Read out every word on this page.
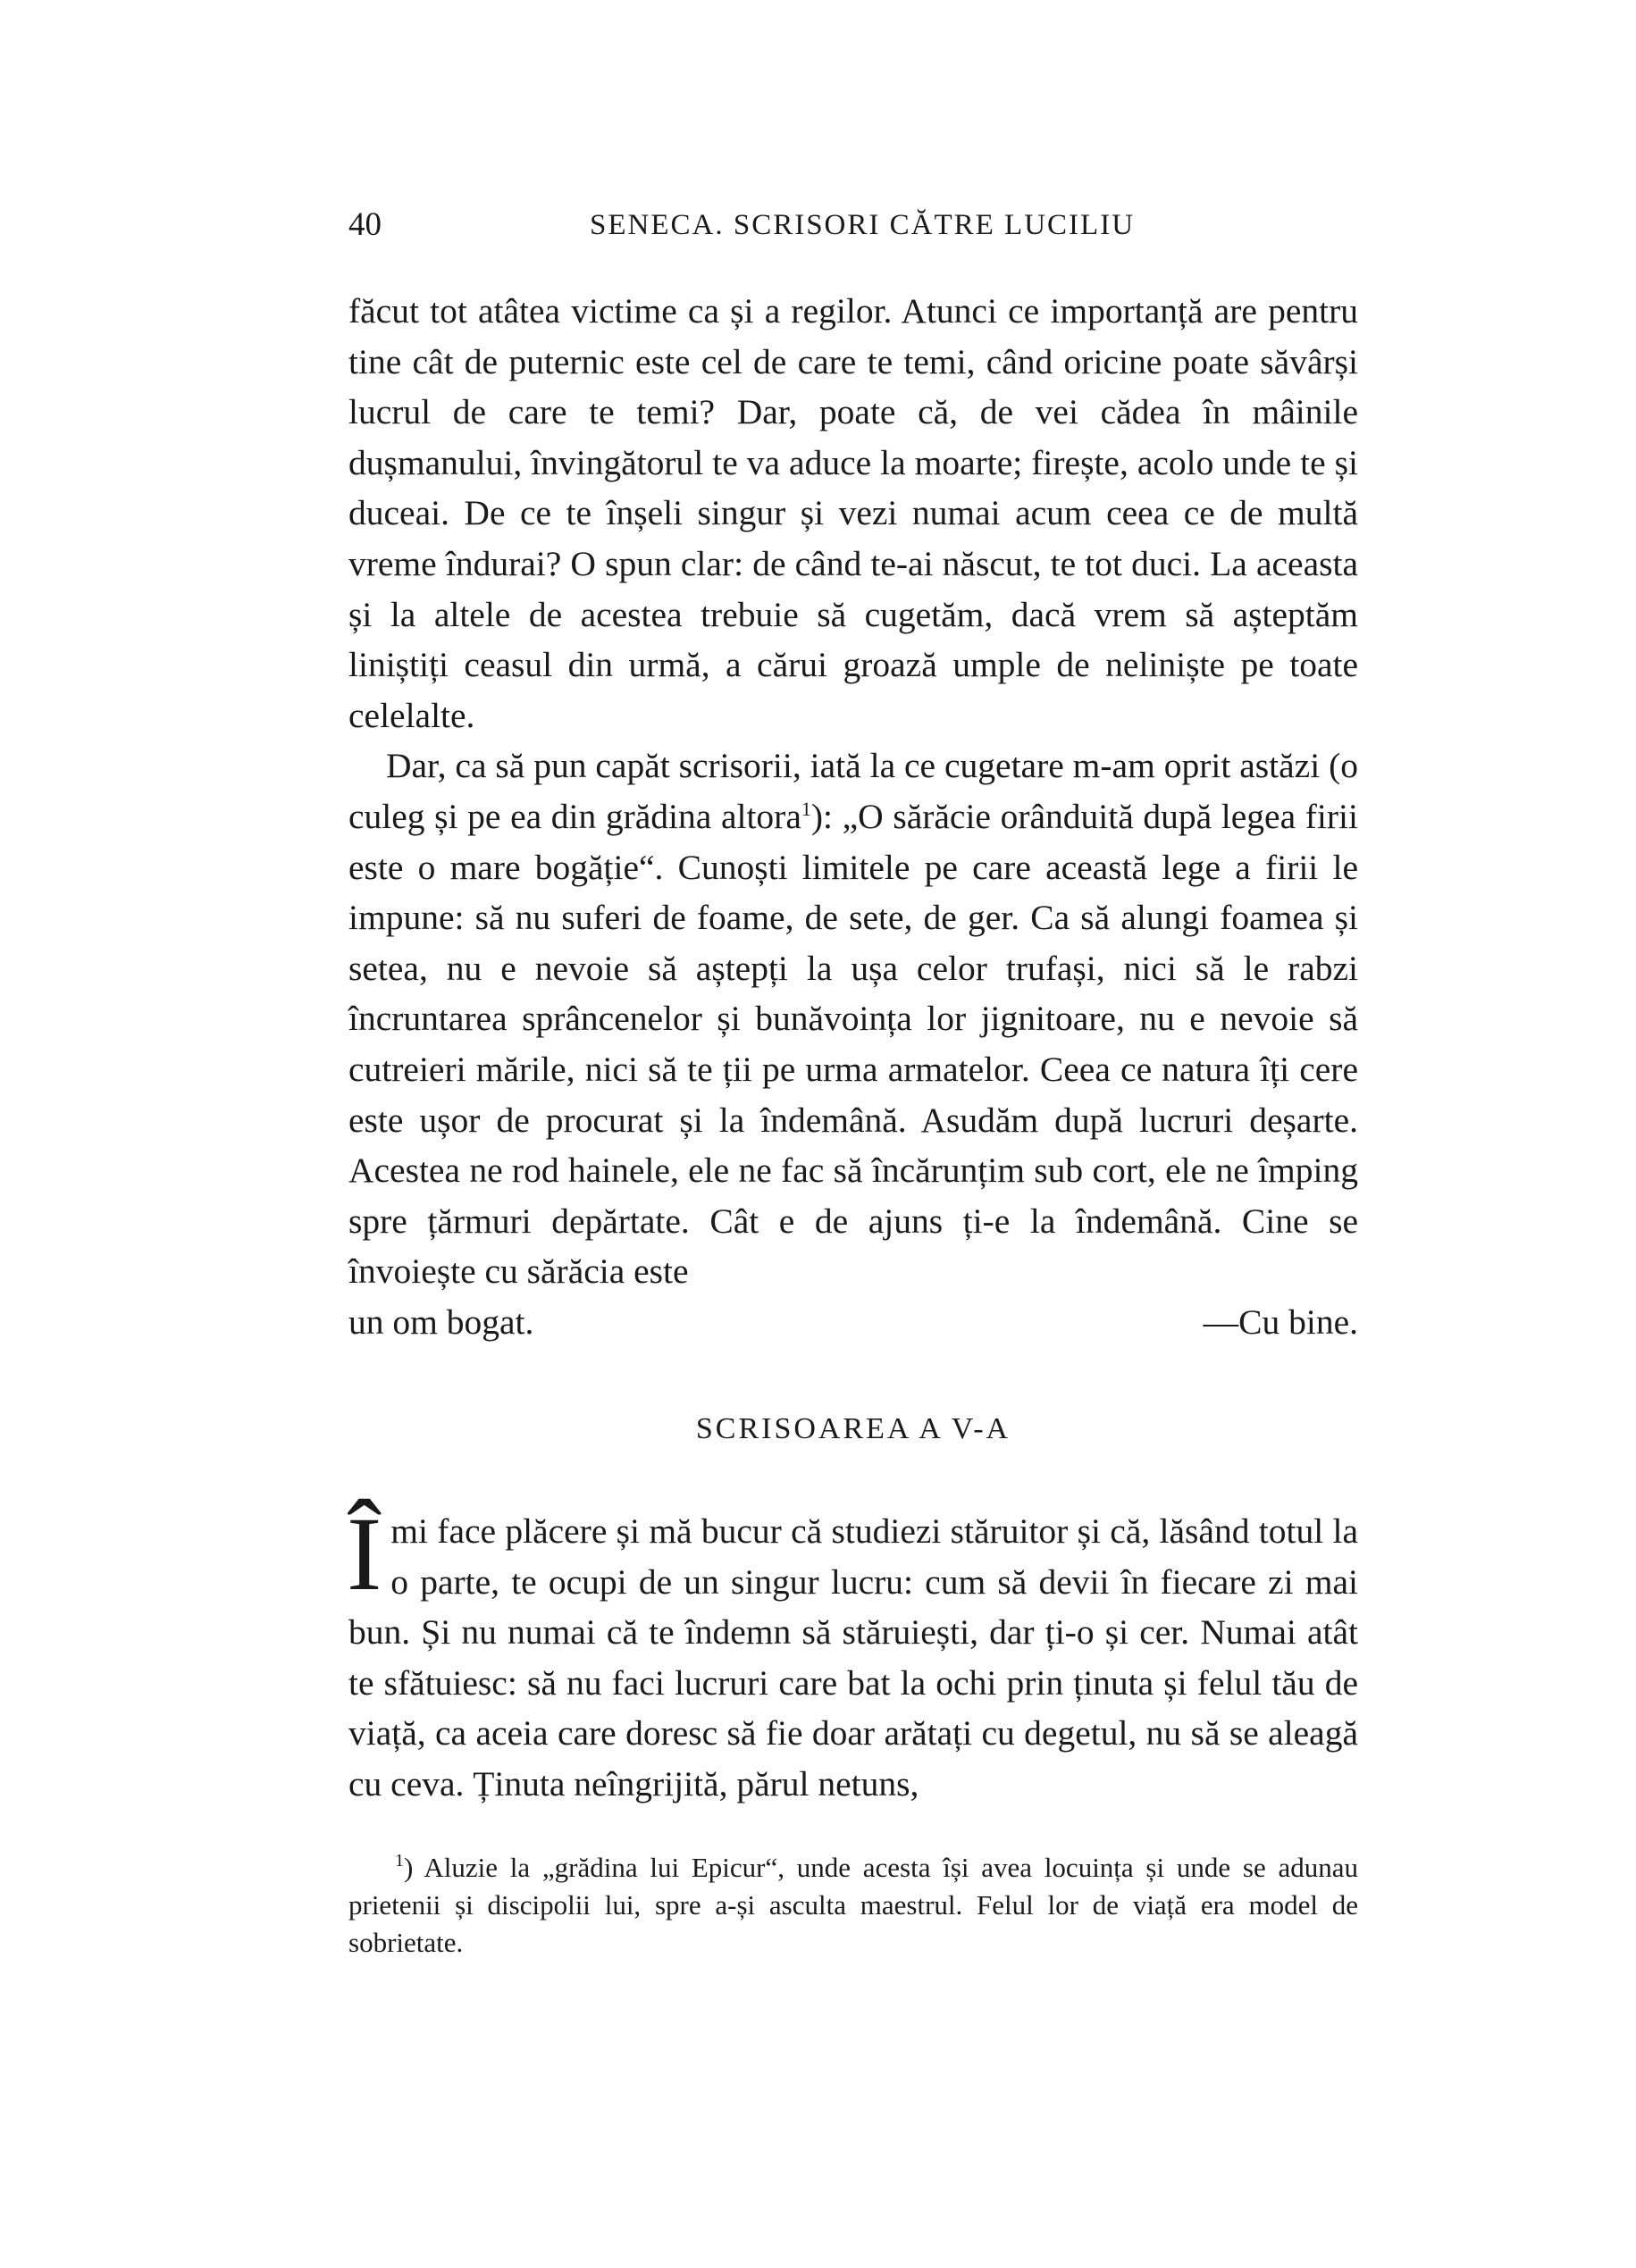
40	SENECA. SCRISORI CĂTRE LUCILIU

făcut tot atâtea victime ca și a regilor. Atunci ce importanță are pentru tine cât de puternic este cel de care te temi, când oricine poate săvârși lucrul de care te temi? Dar, poate că, de vei cădea în mâinile dușmanului, învingătorul te va aduce la moarte; firește, acolo unde te și duceai. De ce te înșeli singur și vezi numai acum ceea ce de multă vreme îndurai? O spun clar: de când te-ai născut, te tot duci. La aceasta și la altele de acestea trebuie să cugetăm, dacă vrem să așteptăm liniștiți ceasul din urmă, a cărui groază umple de neliniște pe toate celelalte.

Dar, ca să pun capăt scrisorii, iată la ce cugetare m-am oprit astăzi (o culeg și pe ea din grădina altora$^1$): „O sărăcie orânduită după legea firii este o mare bogăție“. Cunoști limitele pe care această lege a firii le impune: să nu suferi de foame, de sete, de ger. Ca să alungi foamea și setea, nu e nevoie să aștepți la ușa celor trufași, nici să le rabzi încruntarea sprâncenelor și bunăvoința lor jignitoare, nu e nevoie să cutreieri mările, nici să te ții pe urma armatelor. Ceea ce natura îți cere este ușor de procurat și la îndemână. Asudăm după lucruri deșarte. Acestea ne rod hainele, ele ne fac să încărunțim sub cort, ele ne împing spre țărmuri depărtate. Cât e de ajuns ți-e la îndemână. Cine se învoiește cu sărăcia este

un om bogat.	—Cu bine.
SCRISOAREA A V-A
Î mi face plăcere și mă bucur că studiezi stăruitor și că, lăsând totul la o parte, te ocupi de un singur lucru: cum să devii în fiecare zi mai bun. Și nu numai că te îndemn să stăruiești, dar ți-o și cer. Numai atât te sfătuiesc: să nu faci lucruri care bat la ochi prin ținuta și felul tău de viață, ca aceia care doresc să fie doar arătați cu degetul, nu să se aleagă cu ceva. Ținuta neîngrijită, părul netuns,
$^1$) Aluzie la „grădina lui Epicur“, unde acesta își avea locuința și unde se adunau prietenii și discipolii lui, spre a-și asculta maestrul. Felul lor de viață era model de sobrietate.
